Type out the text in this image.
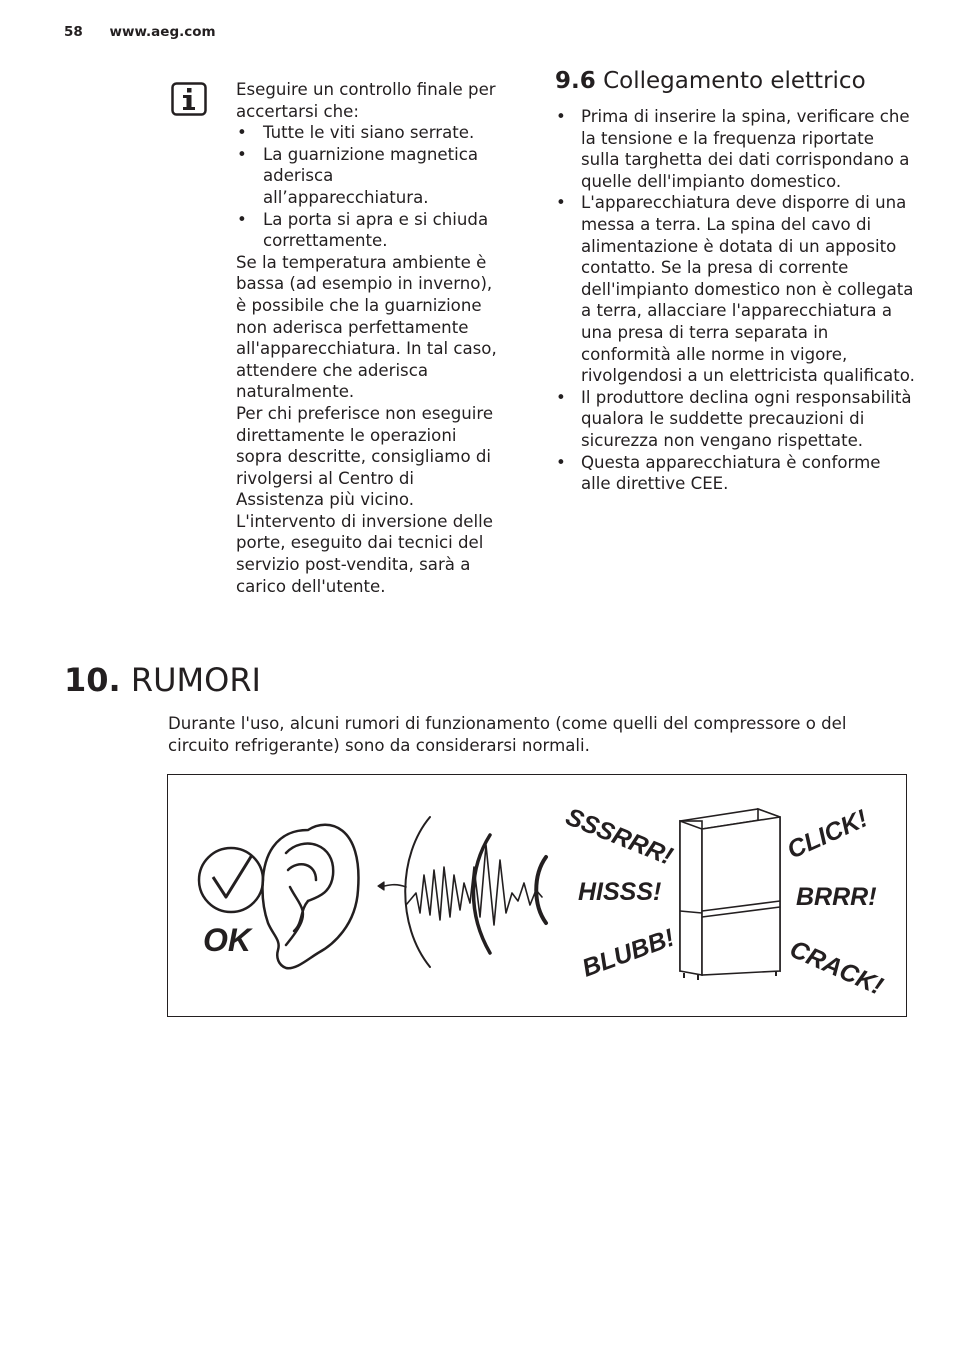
58 www.aeg.com

Eseguire un controllo finale per accertarsi che:

• Tutte le viti siano serrate.
• La guarnizione magnetica aderisca all’apparecchiatura.
• La porta si apra e si chiuda correttamente.

Se la temperatura ambiente è bassa (ad esempio in inverno), è possibile che la guarnizione non aderisca perfettamente all'apparecchiatura. In tal caso, attendere che aderisca naturalmente.

Per chi preferisce non eseguire direttamente le operazioni sopra descritte, consigliamo di rivolgersi al Centro di Assistenza più vicino. L'intervento di inversione delle porte, eseguito dai tecnici del servizio post-vendita, sarà a carico dell'utente.

9.6 Collegamento elettrico
• Prima di inserire la spina, verificare che la tensione e la frequenza riportate sulla targhetta dei dati corrispondano a quelle dell'impianto domestico.
• L'apparecchiatura deve disporre di una messa a terra. La spina del cavo di alimentazione è dotata di un apposito contatto. Se la presa di corrente dell'impianto domestico non è collegata a terra, allacciare l'apparecchiatura a una presa di terra separata in conformità alle norme in vigore, rivolgendosi a un elettricista qualificato.
• Il produttore declina ogni responsabilità qualora le suddette precauzioni di sicurezza non vengano rispettate.
• Questa apparecchiatura è conforme alle direttive CEE.
10. RUMORI

Durante l'uso, alcuni rumori di funzionamento (come quelli del compressore o del circuito refrigerante) sono da considerarsi normali.

OK
SSSRRR!
HISSS!
BLUBB!
CLICK!
BRRR!
CRACK!
